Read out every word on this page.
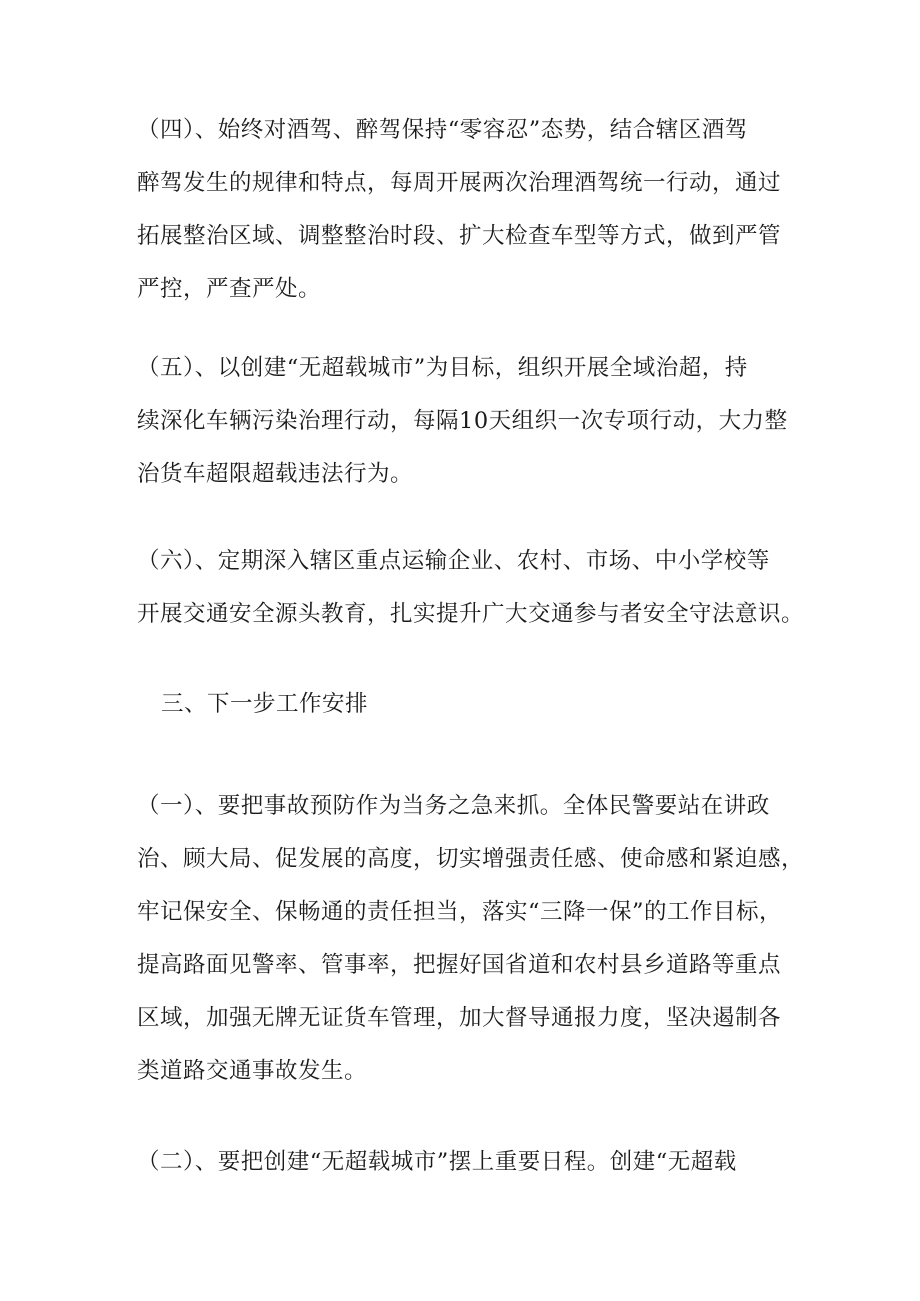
（四）、始终对酒驾、醉驾保持“零容忍”态势，结合辖区酒驾
醉驾发生的规律和特点，每周开展两次治理酒驾统一行动，通过
拓展整治区域、调整整治时段、扩大检查车型等方式，做到严管
严控，严查严处。
（五）、以创建“无超载城市”为目标，组织开展全域治超，持
续深化车辆污染治理行动，每隔10天组织一次专项行动，大力整
治货车超限超载违法行为。
（六）、定期深入辖区重点运输企业、农村、市场、中小学校等
开展交通安全源头教育，扎实提升广大交通参与者安全守法意识。
三、下一步工作安排
（一）、要把事故预防作为当务之急来抓。全体民警要站在讲政
治、顾大局、促发展的高度，切实增强责任感、使命感和紧迫感，
牢记保安全、保畅通的责任担当，落实“三降一保”的工作目标，
提高路面见警率、管事率，把握好国省道和农村县乡道路等重点
区域，加强无牌无证货车管理，加大督导通报力度，坚决遏制各
类道路交通事故发生。
（二）、要把创建“无超载城市”摆上重要日程。创建“无超载
